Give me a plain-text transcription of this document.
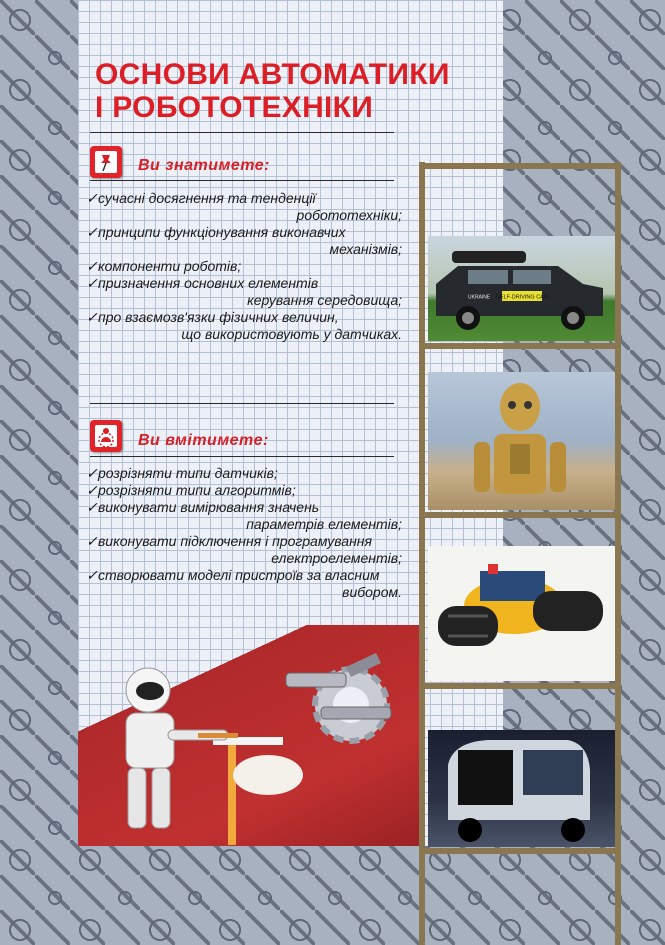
ОСНОВИ АВТОМАТИКИ
І РОБОТОТЕХНІКИ
Ви знатимете:
✓ сучасні досягнення та тенденції
робототехніки;
✓ принципи функціонування виконавчих
механізмів;
✓ компоненти роботів;
✓ призначення основних елементів
керування середовища;
✓ про взаємозв'язки фізичних величин,
що використовують у датчиках.
Ви вмітимете:
✓ розрізняти типи датчиків;
✓ розрізняти типи алгоритмів;
✓ виконувати вимірювання значень
параметрів елементів;
✓ виконувати підключення і програмування
електроелементів;
✓ створювати моделі пристроїв за власним
вибором.
SELF-DRIVING CAR
UKRAINE
